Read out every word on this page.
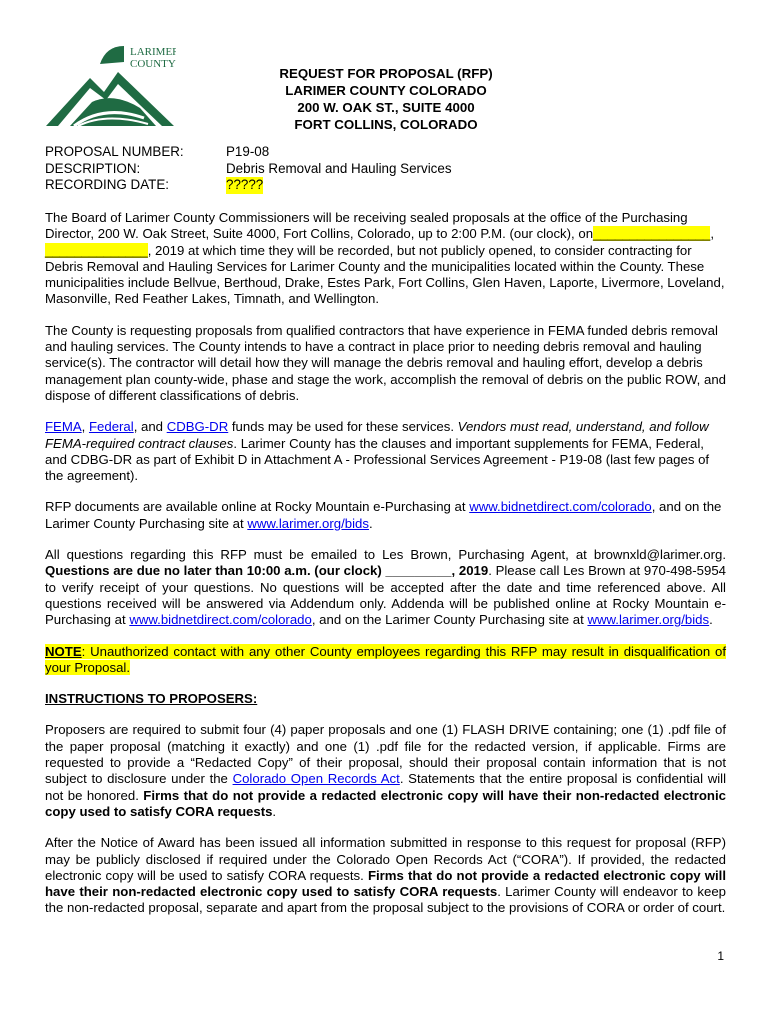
LARIMER
COUNTY
REQUEST FOR PROPOSAL (RFP)
LARIMER COUNTY COLORADO
200 W. OAK ST., SUITE 4000
FORT COLLINS, COLORADO
PROPOSAL NUMBER:	P19-08
DESCRIPTION:	Debris Removal and Hauling Services
RECORDING DATE:	?????

The Board of Larimer County Commissioners will be receiving sealed proposals at the office of the Purchasing Director, 200 W. Oak Street, Suite 4000, Fort Collins, Colorado, up to 2:00 P.M. (our clock), on________________, ______________, 2019 at which time they will be recorded, but not publicly opened, to consider contracting for Debris Removal and Hauling Services for Larimer County and the municipalities located within the County. These municipalities include Bellvue, Berthoud, Drake, Estes Park, Fort Collins, Glen Haven, Laporte, Livermore, Loveland, Masonville, Red Feather Lakes, Timnath, and Wellington.

The County is requesting proposals from qualified contractors that have experience in FEMA funded debris removal and hauling services. The County intends to have a contract in place prior to needing debris removal and hauling service(s). The contractor will detail how they will manage the debris removal and hauling effort, develop a debris management plan county-wide, phase and stage the work, accomplish the removal of debris on the public ROW, and dispose of different classifications of debris.

FEMA, Federal, and CDBG-DR funds may be used for these services. Vendors must read, understand, and follow FEMA-required contract clauses. Larimer County has the clauses and important supplements for FEMA, Federal, and CDBG-DR as part of Exhibit D in Attachment A - Professional Services Agreement - P19-08 (last few pages of the agreement).

RFP documents are available online at Rocky Mountain e-Purchasing at www.bidnetdirect.com/colorado, and on the Larimer County Purchasing site at www.larimer.org/bids.

All questions regarding this RFP must be emailed to Les Brown, Purchasing Agent, at brownxld@larimer.org. Questions are due no later than 10:00 a.m. (our clock) _________, 2019. Please call Les Brown at 970-498-5954 to verify receipt of your questions. No questions will be accepted after the date and time referenced above. All questions received will be answered via Addendum only. Addenda will be published online at Rocky Mountain e-Purchasing at www.bidnetdirect.com/colorado, and on the Larimer County Purchasing site at www.larimer.org/bids.

NOTE: Unauthorized contact with any other County employees regarding this RFP may result in disqualification of your Proposal.

INSTRUCTIONS TO PROPOSERS:

Proposers are required to submit four (4) paper proposals and one (1) FLASH DRIVE containing; one (1) .pdf file of the paper proposal (matching it exactly) and one (1) .pdf file for the redacted version, if applicable. Firms are requested to provide a “Redacted Copy” of their proposal, should their proposal contain information that is not subject to disclosure under the Colorado Open Records Act. Statements that the entire proposal is confidential will not be honored. Firms that do not provide a redacted electronic copy will have their non-redacted electronic copy used to satisfy CORA requests.

After the Notice of Award has been issued all information submitted in response to this request for proposal (RFP) may be publicly disclosed if required under the Colorado Open Records Act (“CORA”). If provided, the redacted electronic copy will be used to satisfy CORA requests. Firms that do not provide a redacted electronic copy will have their non-redacted electronic copy used to satisfy CORA requests. Larimer County will endeavor to keep the non-redacted proposal, separate and apart from the proposal subject to the provisions of CORA or order of court.

1
